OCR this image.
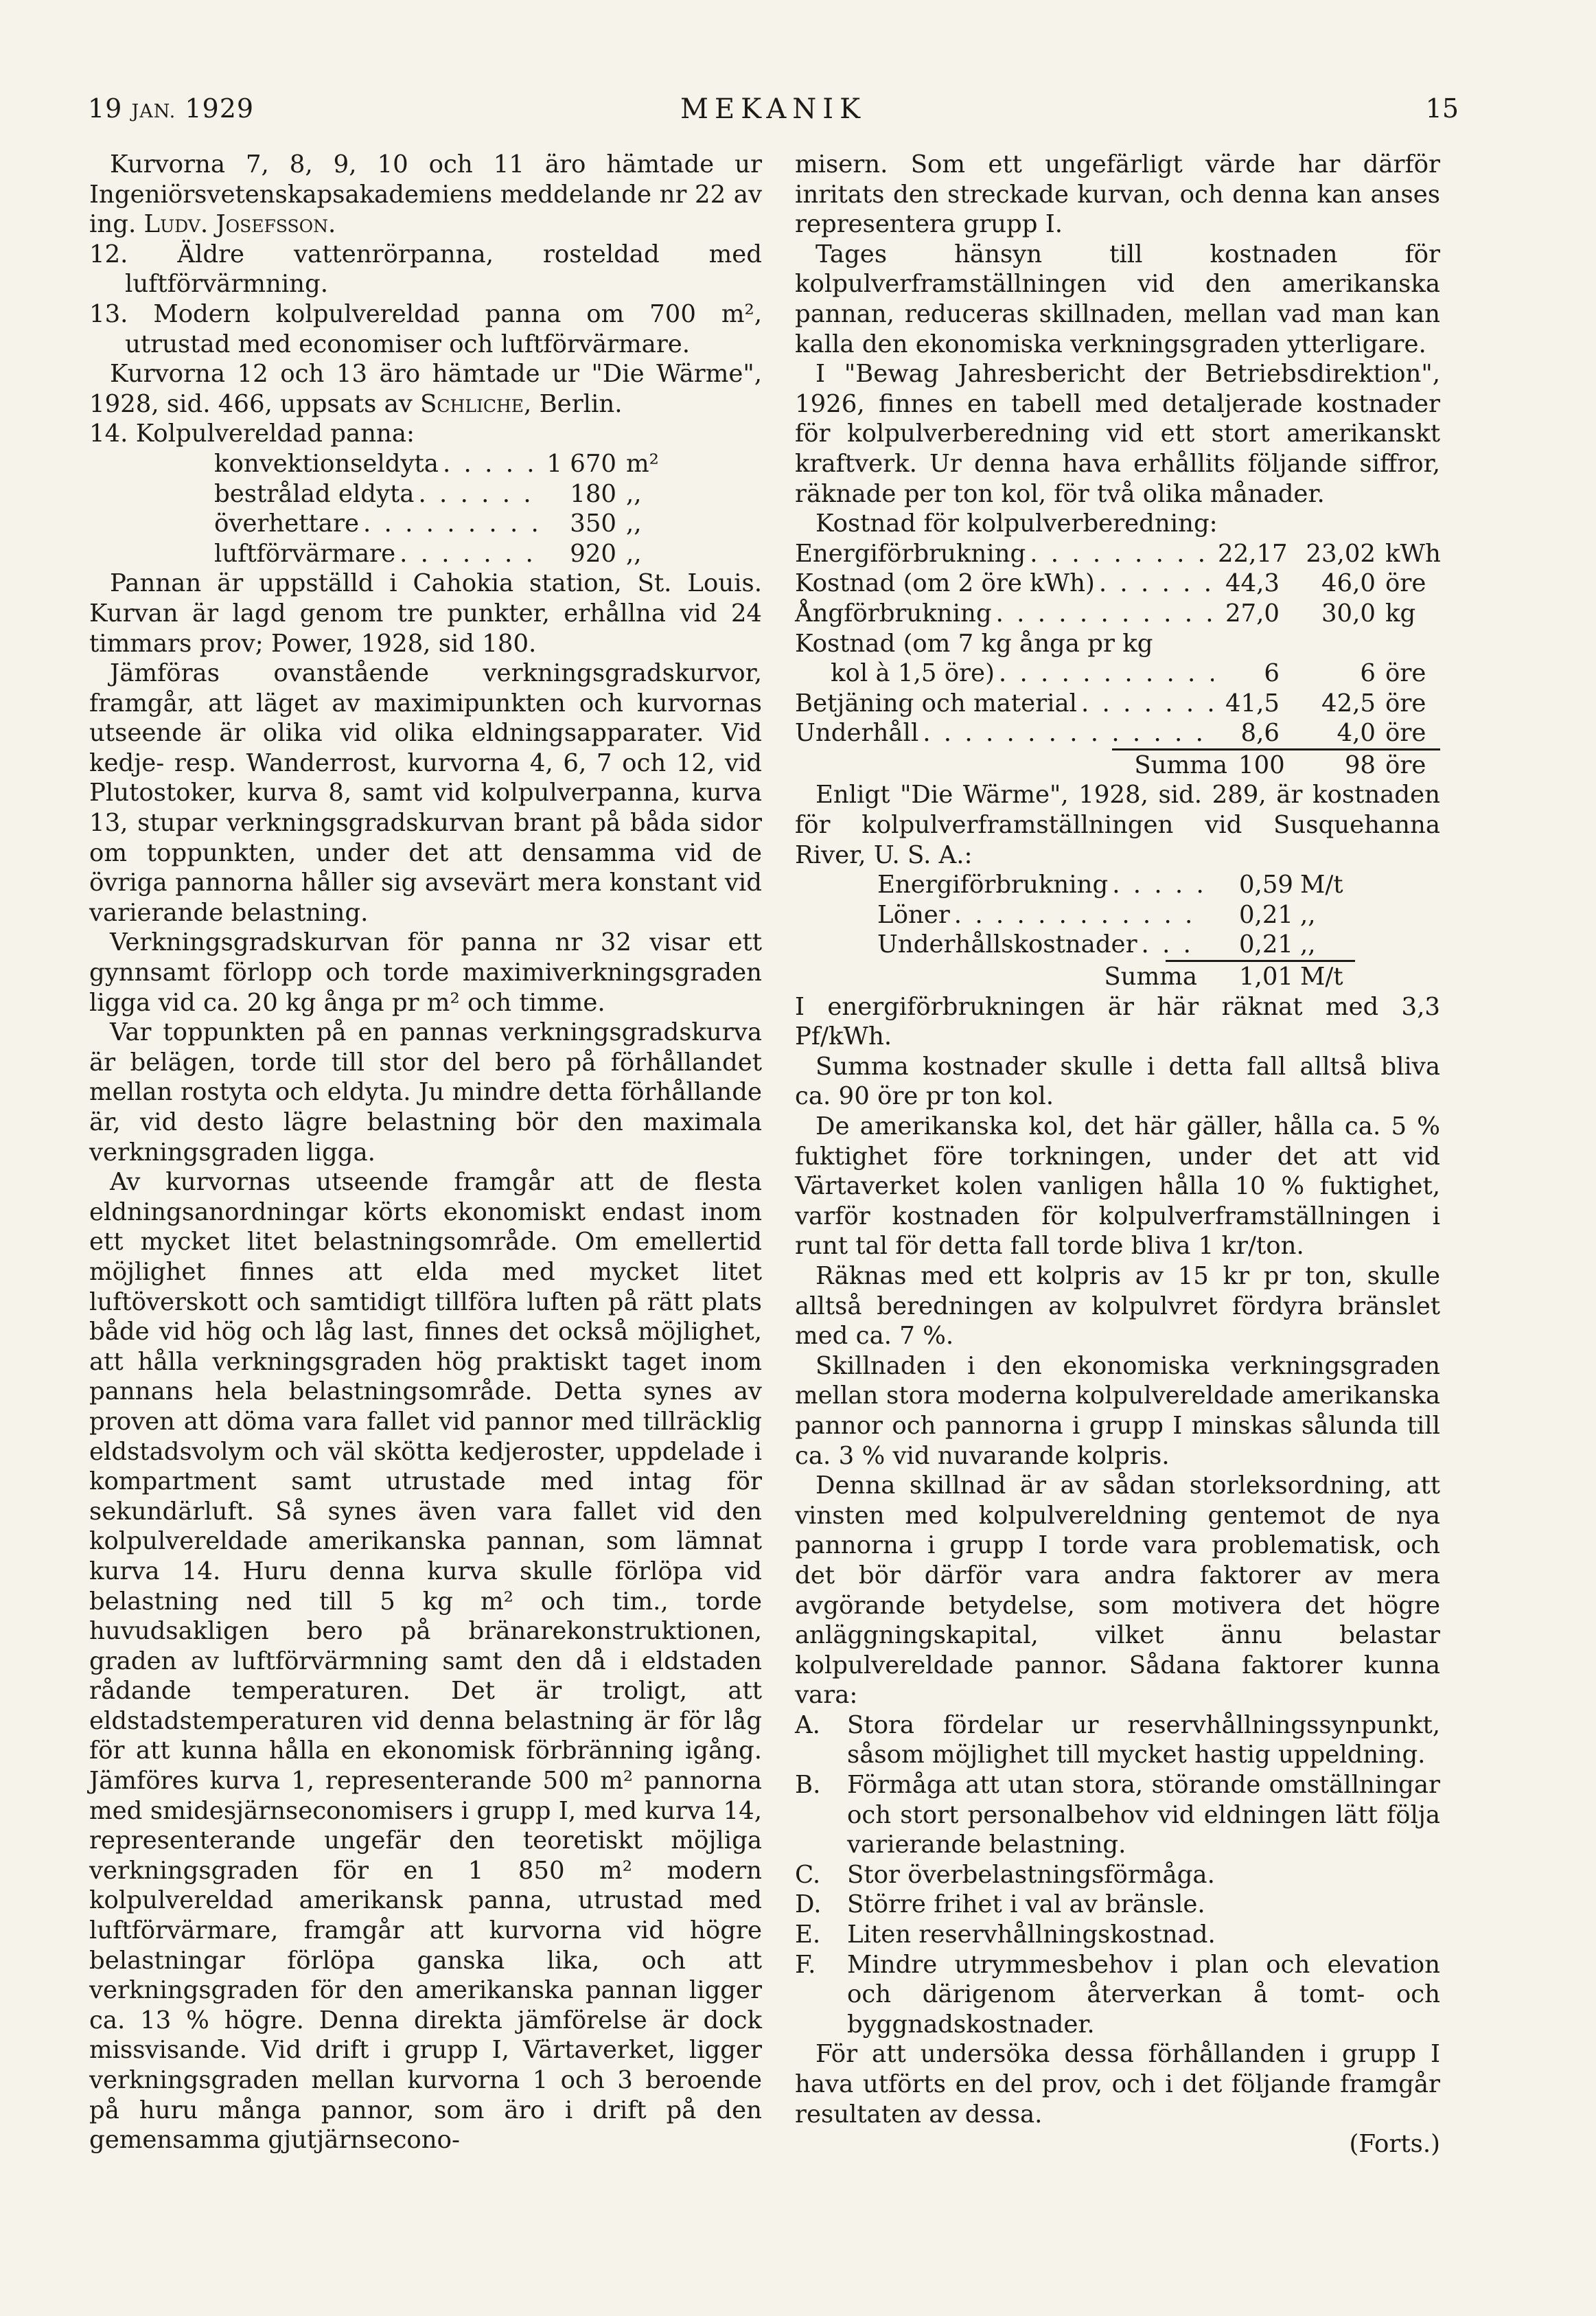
19 JAN. 1929	MEKANIK	15

Kurvorna 7, 8, 9, 10 och 11 äro hämtade ur Ingeniörsvetenskapsakademiens meddelande nr 22 av ing. Ludv. Josefsson.

12. Äldre vattenrörpanna, rosteldad med luftförvärmning.

13. Modern kolpulvereldad panna om 700 m², utrustad med economiser och luftförvärmare.

Kurvorna 12 och 13 äro hämtade ur "Die Wärme", 1928, sid. 466, uppsats av Schliche, Berlin.

14. Kolpulvereldad panna:

konvektionseldyta . . .	1 670 m²
bestrålad eldyta . . .	180 ,,
överhettare . . .	350 ,,
luftförvärmare . . .	920 ,,

Pannan är uppställd i Cahokia station, St. Louis. Kurvan är lagd genom tre punkter, erhållna vid 24 timmars prov; Power, 1928, sid 180.

Jämföras ovanstående verkningsgradskurvor, framgår, att läget av maximipunkten och kurvornas utseende är olika vid olika eldningsapparater. Vid kedje- resp. Wanderrost, kurvorna 4, 6, 7 och 12, vid Plutostoker, kurva 8, samt vid kolpulverpanna, kurva 13, stupar verkningsgradskurvan brant på båda sidor om toppunkten, under det att densamma vid de övriga pannorna håller sig avsevärt mera konstant vid varierande belastning.

Verkningsgradskurvan för panna nr 32 visar ett gynnsamt förlopp och torde maximiverkningsgraden ligga vid ca. 20 kg ånga pr m² och timme.

Var toppunkten på en pannas verkningsgradskurva är belägen, torde till stor del bero på förhållandet mellan rostyta och eldyta. Ju mindre detta förhållande är, vid desto lägre belastning bör den maximala verkningsgraden ligga.

Av kurvornas utseende framgår att de flesta eldningsanordningar körts ekonomiskt endast inom ett mycket litet belastningsområde. Om emellertid möjlighet finnes att elda med mycket litet luftöverskott och samtidigt tillföra luften på rätt plats både vid hög och låg last, finnes det också möjlighet, att hålla verkningsgraden hög praktiskt taget inom pannans hela belastningsområde. Detta synes av proven att döma vara fallet vid pannor med tillräcklig eldstadsvolym och väl skötta kedjeroster, uppdelade i kompartment samt utrustade med intag för sekundärluft. Så synes även vara fallet vid den kolpulvereldade amerikanska pannan, som lämnat kurva 14. Huru denna kurva skulle förlöpa vid belastning ned till 5 kg m² och tim., torde huvudsakligen bero på bränarekonstruktionen, graden av luftförvärmning samt den då i eldstaden rådande temperaturen. Det är troligt, att eldstadstemperaturen vid denna belastning är för låg för att kunna hålla en ekonomisk förbränning igång. Jämföres kurva 1, representerande 500 m² pannorna med smidesjärnseconomisers i grupp I, med kurva 14, representerande ungefär den teoretiskt möjliga verkningsgraden för en 1 850 m² modern kolpulvereldad amerikansk panna, utrustad med luftförvärmare, framgår att kurvorna vid högre belastningar förlöpa ganska lika, och att verkningsgraden för den amerikanska pannan ligger ca. 13 % högre. Denna direkta jämförelse är dock missvisande. Vid drift i grupp I, Värtaverket, ligger verkningsgraden mellan kurvorna 1 och 3 beroende på huru många pannor, som äro i drift på den gemensamma gjutjärnsecono-

misern. Som ett ungefärligt värde har därför inritats den streckade kurvan, och denna kan anses representera grupp I.

Tages hänsyn till kostnaden för kolpulverframställningen vid den amerikanska pannan, reduceras skillnaden, mellan vad man kan kalla den ekonomiska verkningsgraden ytterligare.

I "Bewag Jahresbericht der Betriebsdirektion", 1926, finnes en tabell med detaljerade kostnader för kolpulverberedning vid ett stort amerikanskt kraftverk. Ur denna hava erhållits följande siffror, räknade per ton kol, för två olika månader.

Kostnad för kolpulverberedning:

Energiförbrukning . . .	22,17 23,02 kWh
Kostnad (om 2 öre kWh) . . .	44,3	46,0 öre
Ångförbrukning . . .	27,0	30,0 kg
Kostnad (om 7 kg ånga pr kg
kol à 1,5 öre) . . .	6	6 öre
Betjäning och material . . .	41,5	42,5 öre
Underhåll . . .	8,6	4,0 öre
Summa 100	98 öre

Enligt "Die Wärme", 1928, sid. 289, är kostnaden för kolpulverframställningen vid Susquehanna River, U. S. A.:

Energiförbrukning . . .	0,59 M/t
Löner . . .	0,21 ,,
Underhållskostnader . . .	0,21 ,,
Summa	1,01 M/t

I energiförbrukningen är här räknat med 3,3 Pf/kWh.

Summa kostnader skulle i detta fall alltså bliva ca. 90 öre pr ton kol.

De amerikanska kol, det här gäller, hålla ca. 5 % fuktighet före torkningen, under det att vid Värtaverket kolen vanligen hålla 10 % fuktighet, varför kostnaden för kolpulverframställningen i runt tal för detta fall torde bliva 1 kr/ton.

Räknas med ett kolpris av 15 kr pr ton, skulle alltså beredningen av kolpulvret fördyra bränslet med ca. 7 %.

Skillnaden i den ekonomiska verkningsgraden mellan stora moderna kolpulvereldade amerikanska pannor och pannorna i grupp I minskas sålunda till ca. 3 % vid nuvarande kolpris.

Denna skillnad är av sådan storleksordning, att vinsten med kolpulvereldning gentemot de nya pannorna i grupp I torde vara problematisk, och det bör därför vara andra faktorer av mera avgörande betydelse, som motivera det högre anläggningskapital, vilket ännu belastar kolpulvereldade pannor. Sådana faktorer kunna vara:

A.	Stora fördelar ur reservhållningssynpunkt, såsom möjlighet till mycket hastig uppeldning.
B.	Förmåga att utan stora, störande omställningar och stort personalbehov vid eldningen lätt följa varierande belastning.
C.	Stor överbelastningsförmåga.
D.	Större frihet i val av bränsle.
E.	Liten reservhållningskostnad.
F.	Mindre utrymmesbehov i plan och elevation och därigenom återverkan å tomt- och byggnadskostnader.

För att undersöka dessa förhållanden i grupp I hava utförts en del prov, och i det följande framgår resultaten av dessa.

(Forts.)
